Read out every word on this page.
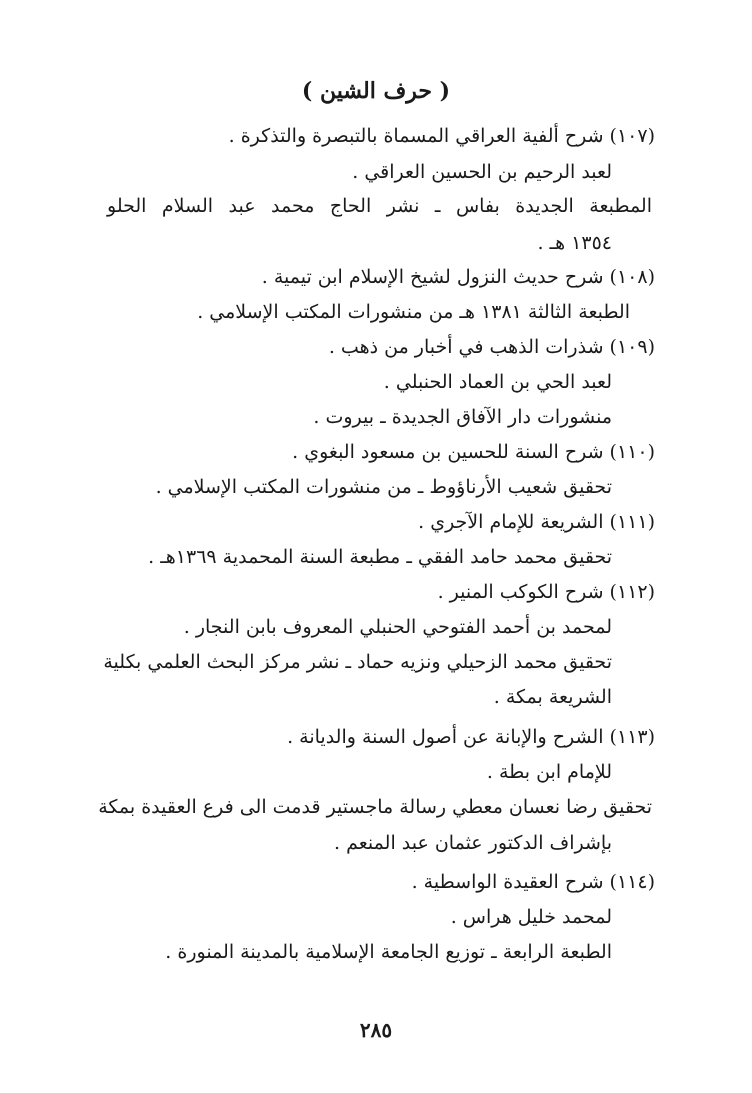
( حرف الشين )
(١٠٧) شرح ألفية العراقي المسماة بالتبصرة والتذكرة .
لعبد الرحيم بن الحسين العراقي .
المطبعة الجديدة بفاس ـ نشر الحاج محمد عبد السلام الحلو
١٣٥٤ هـ .
(١٠٨) شرح حديث النزول لشيخ الإسلام ابن تيمية .
الطبعة الثالثة ١٣٨١ هـ من منشورات المكتب الإسلامي .
(١٠٩) شذرات الذهب في أخبار من ذهب .
لعبد الحي بن العماد الحنبلي .
منشورات دار الآفاق الجديدة ـ بيروت .
(١١٠) شرح السنة للحسين بن مسعود البغوي .
تحقيق شعيب الأرناؤوط ـ من منشورات المكتب الإسلامي .
(١١١) الشريعة للإمام الآجري .
تحقيق محمد حامد الفقي ـ مطبعة السنة المحمدية ١٣٦٩هـ .
(١١٢) شرح الكوكب المنير .
لمحمد بن أحمد الفتوحي الحنبلي المعروف بابن النجار .
تحقيق محمد الزحيلي ونزيه حماد ـ نشر مركز البحث العلمي بكلية
الشريعة بمكة .
(١١٣) الشرح والإبانة عن أصول السنة والديانة .
للإمام ابن بطة .
تحقيق رضا نعسان معطي رسالة ماجستير قدمت الى فرع العقيدة بمكة
بإشراف الدكتور عثمان عبد المنعم .
(١١٤) شرح العقيدة الواسطية .
لمحمد خليل هراس .
الطبعة الرابعة ـ توزيع الجامعة الإسلامية بالمدينة المنورة .
٢٨٥
